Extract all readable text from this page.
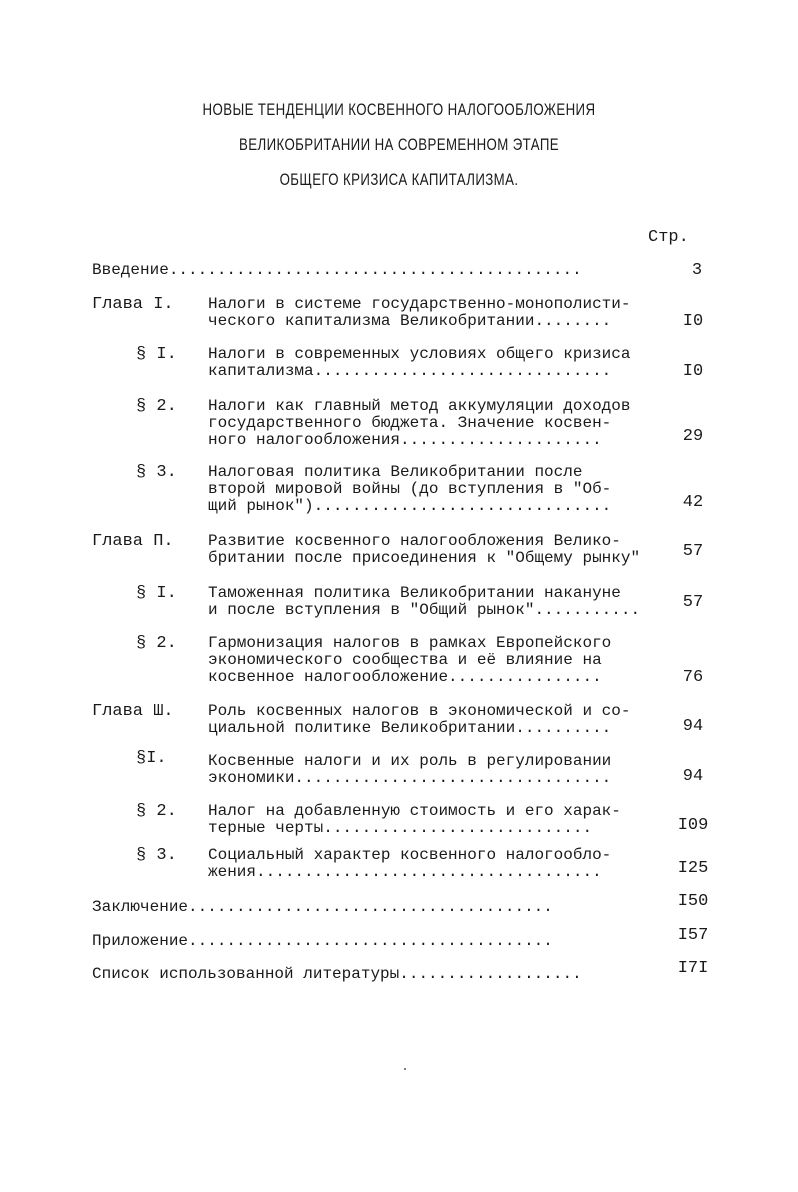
НОВЫЕ ТЕНДЕНЦИИ КОСВЕННОГО НАЛОГООБЛОЖЕНИЯ
ВЕЛИКОБРИТАНИИ НА СОВРЕМЕННОМ ЭТАПЕ
ОБЩЕГО КРИЗИСА КАПИТАЛИЗМА.
Стр.
Введение...........................................	3
Глава I. Налоги в системе государственно-монополисти-
ческого капитализма Великобритании........	I0
§ I. Налоги в современных условиях общего кризиса
капитализма...............................	I0
§ 2. Налоги как главный метод аккумуляции доходов
государственного бюджета. Значение косвен-
ного налогообложения.....................	29
§ 3. Налоговая политика Великобритании после
второй мировой войны (до вступления в "Об-
щий рынок")...............................	42
Глава П. Развитие косвенного налогообложения Велико-
британии после присоединения к "Общему рынку"	57
§ I. Таможенная политика Великобритании накануне
и после вступления в "Общий рынок"...........	57
§ 2. Гармонизация налогов в рамках Европейского
экономического сообщества и её влияние на
косвенное налогообложение................	76
Глава Ш. Роль косвенных налогов в экономической и со-
циальной политике Великобритании..........	94
§I.	Косвенные налоги и их роль в регулировании
экономики.................................	94
§ 2. Налог на добавленную стоимость и его харак-
терные черты............................	I09
§ 3. Социальный характер косвенного налогообло-
жения....................................	I25
Заключение......................................	I50
Приложение......................................	I57
Список использованной литературы...................	I7I
